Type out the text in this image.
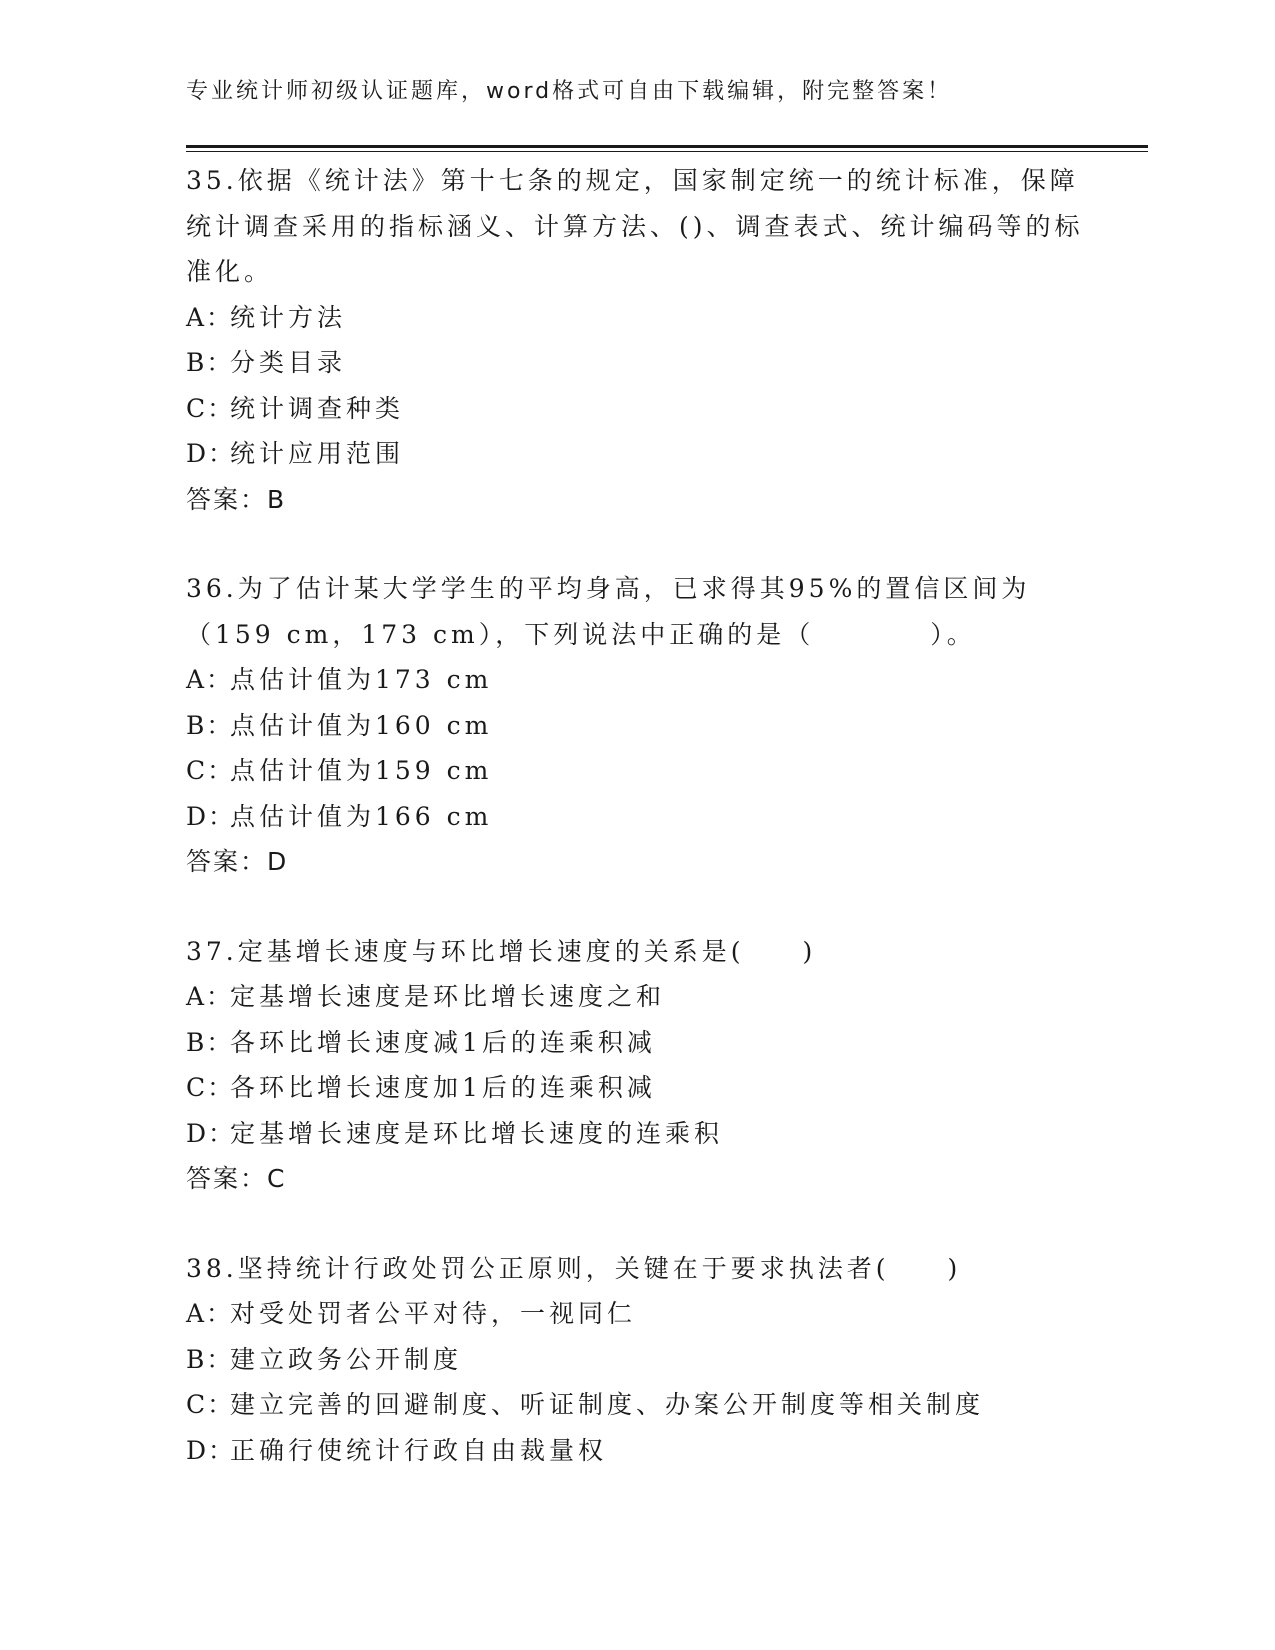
专业统计师初级认证题库，word格式可自由下载编辑，附完整答案！

35.依据《统计法》第十七条的规定，国家制定统一的统计标准，保障统计调查采用的指标涵义、计算方法、()、调查表式、统计编码等的标准化。

A：统计方法

B：分类目录

C：统计调查种类

D：统计应用范围

答案：B

36.为了估计某大学学生的平均身高，已求得其95%的置信区间为（159 cm，173 cm），下列说法中正确的是（　　　　）。

A：点估计值为173 cm

B：点估计值为160 cm

C：点估计值为159 cm

D：点估计值为166 cm

答案：D

37.定基增长速度与环比增长速度的关系是(　　)

A：定基增长速度是环比增长速度之和

B：各环比增长速度减1后的连乘积减

C：各环比增长速度加1后的连乘积减

D：定基增长速度是环比增长速度的连乘积

答案：C

38.坚持统计行政处罚公正原则，关键在于要求执法者(　　)

A：对受处罚者公平对待，一视同仁

B：建立政务公开制度

C：建立完善的回避制度、听证制度、办案公开制度等相关制度

D：正确行使统计行政自由裁量权
